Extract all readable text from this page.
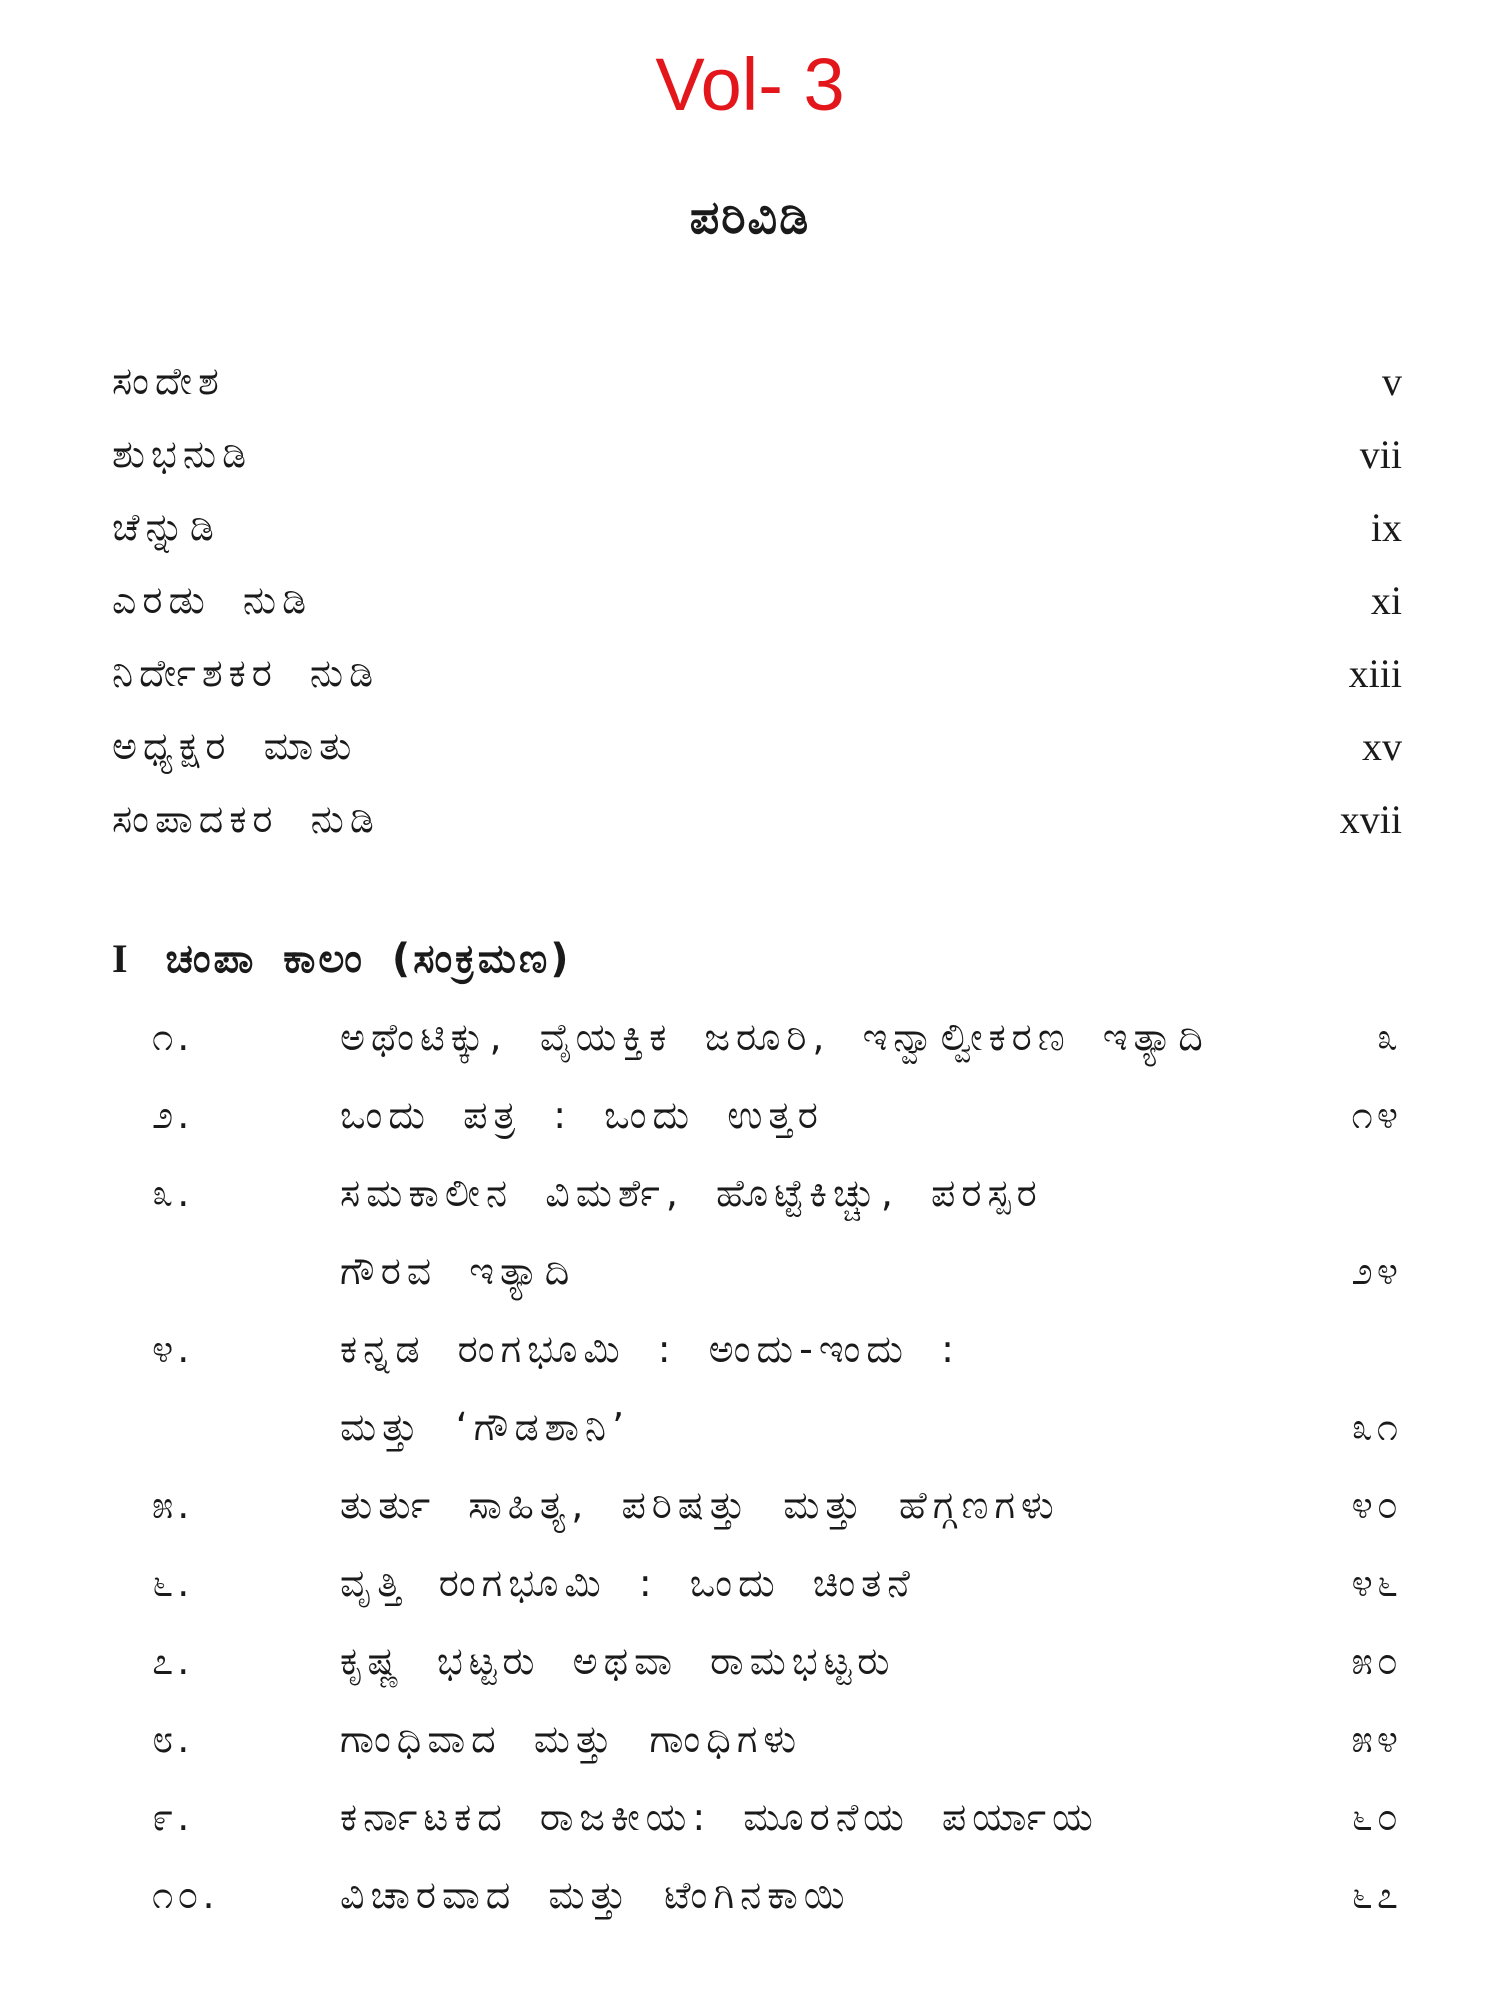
Vol- 3
ಪರಿವಿಡಿ
ಸಂದೇಶ	v
ಶುಭನುಡಿ	vii
ಚೆನ್ನುಡಿ	ix
ಎರಡು ನುಡಿ	xi
ನಿರ್ದೇಶಕರ ನುಡಿ	xiii
ಅಧ್ಯಕ್ಷರ ಮಾತು	xv
ಸಂಪಾದಕರ ನುಡಿ	xvii
I ಚಂಪಾ ಕಾಲಂ (ಸಂಕ್ರಮಣ)
೧.	ಅಥೆಂಟಿಕ್ಕು, ವೈಯಕ್ತಿಕ ಜರೂರಿ, ಇನ್ವಾಲ್ವೀಕರಣ ಇತ್ಯಾದಿ	೩
೨.	ಒಂದು ಪತ್ರ : ಒಂದು ಉತ್ತರ	೧೪
೩.	ಸಮಕಾಲೀನ ವಿಮರ್ಶೆ, ಹೊಟ್ಟೆಕಿಚ್ಚು, ಪರಸ್ಪರ
ಗೌರವ ಇತ್ಯಾದಿ	೨೪
೪.	ಕನ್ನಡ ರಂಗಭೂಮಿ : ಅಂದು-ಇಂದು :
ಮತ್ತು ‘ಗೌಡಶಾನಿ’	೩೧
೫.	ತುರ್ತು ಸಾಹಿತ್ಯ, ಪರಿಷತ್ತು ಮತ್ತು ಹೆಗ್ಗಣಗಳು	೪೦
೬.	ವೃತ್ತಿ ರಂಗಭೂಮಿ : ಒಂದು ಚಿಂತನೆ	೪೬
೭.	ಕೃಷ್ಣ ಭಟ್ಟರು ಅಥವಾ ರಾಮಭಟ್ಟರು	೫೦
೮.	ಗಾಂಧಿವಾದ ಮತ್ತು ಗಾಂಧಿಗಳು	೫೪
೯.	ಕರ್ನಾಟಕದ ರಾಜಕೀಯ: ಮೂರನೆಯ ಪರ್ಯಾಯ	೬೦
೧೦.	ವಿಚಾರವಾದ ಮತ್ತು ಟೆಂಗಿನಕಾಯಿ	೬೭
